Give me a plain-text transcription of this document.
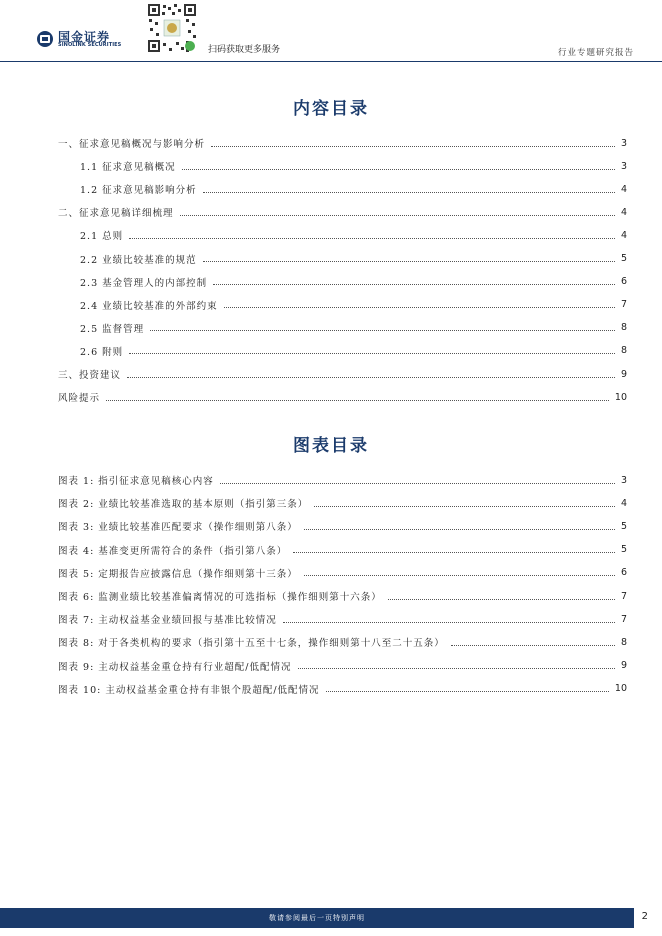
国金证券
SINOLINK SECURITIES	扫码获取更多服务	行业专题研究报告
内容目录
一、征求意见稿概况与影响分析	3
1.1 征求意见稿概况	3
1.2 征求意见稿影响分析	4
二、征求意见稿详细梳理	4
2.1 总则	4
2.2 业绩比较基准的规范	5
2.3 基金管理人的内部控制	6
2.4 业绩比较基准的外部约束	7
2.5 监督管理	8
2.6 附则	8
三、投资建议	9
风险提示	10
图表目录
图表 1: 指引征求意见稿核心内容	3
图表 2: 业绩比较基准选取的基本原则（指引第三条）	4
图表 3: 业绩比较基准匹配要求（操作细则第八条）	5
图表 4: 基准变更所需符合的条件（指引第八条）	5
图表 5: 定期报告应披露信息（操作细则第十三条）	6
图表 6: 监测业绩比较基准偏离情况的可选指标（操作细则第十六条）	7
图表 7: 主动权益基金业绩回报与基准比较情况	7
图表 8: 对于各类机构的要求（指引第十五至十七条，操作细则第十八至二十五条）	8
图表 9: 主动权益基金重仓持有行业超配/低配情况	9
图表 10: 主动权益基金重仓持有非银个股超配/低配情况	10
敬请参阅最后一页特别声明	2
